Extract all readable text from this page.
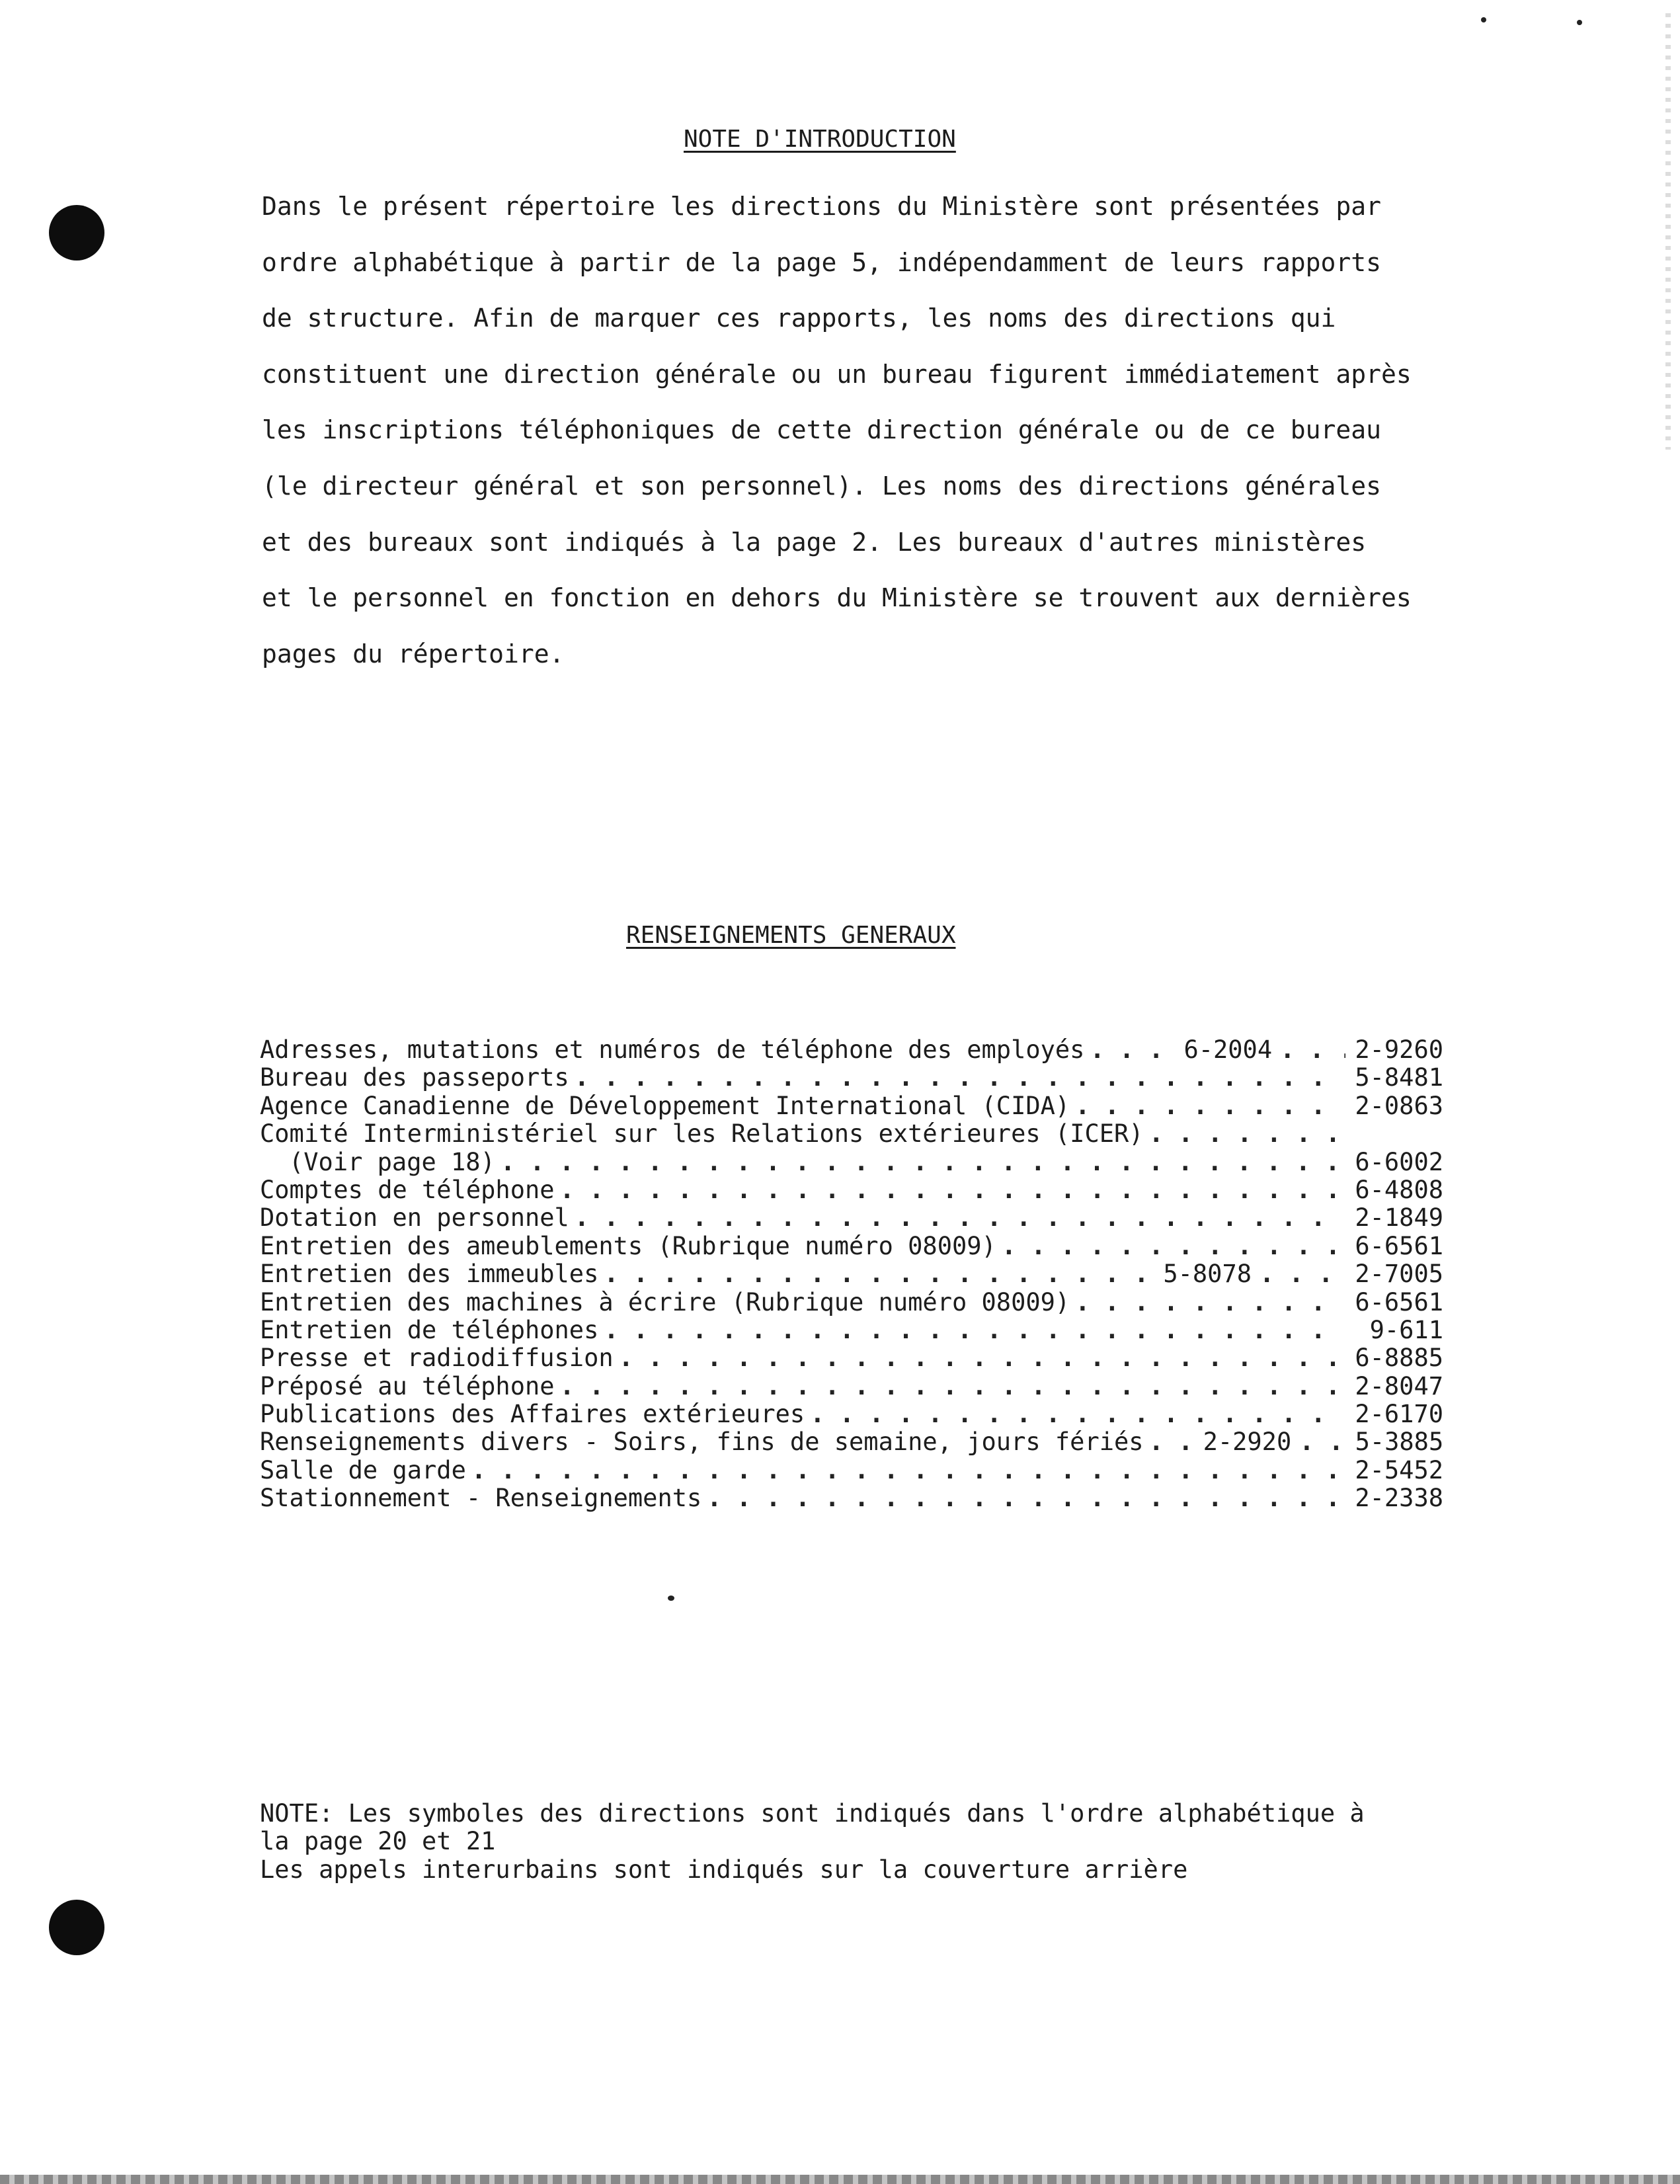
NOTE D'INTRODUCTION
Dans le présent répertoire les directions du Ministère sont présentées par
ordre alphabétique à partir de la page 5, indépendamment de leurs rapports
de structure. Afin de marquer ces rapports, les noms des directions qui
constituent une direction générale ou un bureau figurent immédiatement après
les inscriptions téléphoniques de cette direction générale ou de ce bureau
(le directeur général et son personnel). Les noms des directions générales
et des bureaux sont indiqués à la page 2. Les bureaux d'autres ministères
et le personnel en fonction en dehors du Ministère se trouvent aux dernières
pages du répertoire.
RENSEIGNEMENTS GENERAUX
Adresses, mutations et numéros de téléphone des employés . . .	6-2004 . . .	2-9260
Bureau des passeports . . .	5-8481
Agence Canadienne de Développement International (CIDA) . . .	2-0863
Comité Interministériel sur les Relations extérieures (ICER)
. . .
(Voir page 18) . . .	6-6002
Comptes de téléphone . . .	6-4808
Dotation en personnel . . .	2-1849
Entretien des ameublements (Rubrique numéro 08009) . . .	6-6561
Entretien des immeubles . . .	5-8078 . . .	2-7005
Entretien des machines à écrire (Rubrique numéro 08009) . . .	6-6561
Entretien de téléphones . . .	9-611
Presse et radiodiffusion . . .	6-8885
Préposé au téléphone . . .	2-8047
Publications des Affaires extérieures . . .	2-6170
Renseignements divers - Soirs, fins de semaine, jours fériés . . . 2-2920 . . .	5-3885
Salle de garde . . .	2-5452
Stationnement - Renseignements . . .	2-2338
NOTE: Les symboles des directions sont indiqués dans l'ordre alphabétique à
la page 20 et 21
Les appels interurbains sont indiqués sur la couverture arrière
